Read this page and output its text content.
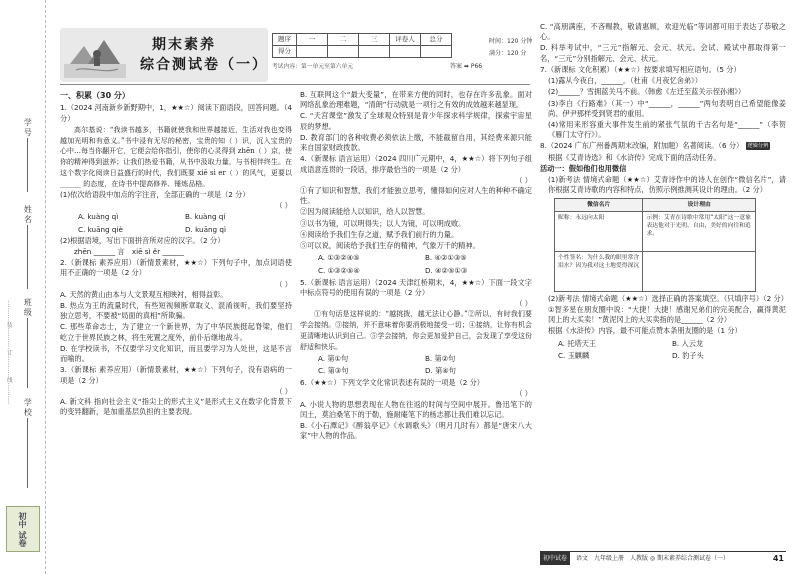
学号
姓名
班级
学校
…………装…………订…………线…………
初中 试卷
期末素养
综合测试卷（一）
题序	一	二	三	评卷人	总分
得分					
时间：120 分钟
满分：120 分
考试内容：第一单元至第六单元	答案 ➡ P66
一、积累（30 分）
1.（2024 河南新乡新野期中，1，★★☆）阅读下面语段，回答问题。（4 分）
高尔基说：“我读书越多，书籍就使我和世界越接近，生活对我也变得越加光明和有意义。”书中浸有无尽的秘密，宝贵的知（ ）识，沉入宝贵的心中…每当你翻开它，它便会给你指引，使你的心灵得到 zhēn（ ）京，使你的精神得到滋养；让我们热爱书籍，从书中汲取力量，与书相伴终生。在这个数字化阅读日益盛行的时代，我们既要 xiē sì er（ ）的风气，更要以 ______ 的态度，在诗书中提高修养、锤炼品格。
(1)依次给语段中加点的字注音，全部正确的一项是（2 分）
（ ）
A. kuàng qì	B. kuàng qí
C. kuāng qiè	D. kuāng qì
(2)根据语境，写出下面拼音所对应的汉字。（2 分）
zhēn ______ 言　xiē sì ěr ______
2.（新课标 素养应用）（新情景素材，★★☆）下列句子中，加点词语使用不正确的一项是（2 分）
（ ）
A. 天然的黄山由本与人文景观互相映衬，相得益彰。
B. 热点为王的流量时代，有些短视频断章取义、混淆视听，我们要坚持独立思考，不要被“局面的真相”所欺骗。
C. 那些革命志士，为了建立一个新世界，为了中华民族挺起脊梁，他们屹立于世界民族之林，将生死置之度外，前仆后继地战斗。
D. 在学校读书，不仅要学习文化知识，而且要学习为人处世，这是不言而喻的。
3.（新课标 素养应用）（新情景素材，★★☆）下列句子，没有语病的一项是（2 分）
（ ）
A. 新文科 指向社会主义“指尖上的形式主义”是形式主义在数字化背景下的变异翻新，是加重基层负担的主要表现。
B. 互联网这个“最大变量”，在带来方便的同时，也存在许多乱象。面对网络乱象治理难题，“清朗”行动就是一项行之有效的成效越来越显现。
C. “天宫课堂”激发了全球观众特别是青少年探求科学规律，探索宇宙星辰的梦想。
D. 教育部门的各种收费必须依法上缴，不能截留自用，其经费来源只能来自国家财政拨款。
4.（新课标 语言运用）（2024 四川广元期中，4，★★☆）将下列句子组成语意连贯的一段话，排序最恰当的一项是（2 分）
（ ）
①有了知识和智慧，我们才能独立思考，懂得如何应对人生的种种不确定性。
②因为阅读能给人以知识，给人以智慧。
③以书为镜，可以明得失；以人为镜，可以明成败。
④阅读给予我们生存之道，赋予我们前行的力量。
⑤可以说，阅读给予我们生存的精神，气象万千的精神。
A. ①③②④⑤	B. ④②①③⑤
C. ①③②⑤④	D. ④②⑤①③
5.（新课标 语言运用）（2024 天津红桥期末，4，★★☆）下面一段文字中标点符号的使用有误的一项是（2 分）
（ ）
①有句话是这样说的：“越挑拨，越无法让心静。”②所以，有时我们要学会接纳。③接纳，并不意味着你要消极地接受一切；④接纳，让你有机会更清晰地认识到自己。⑤学会接纳，你会更加爱护自己，会发现了享受这份舒适和快乐。
A. 第①句	B. 第②句
C. 第③句	D. 第④句
6.（★★☆）下列文学文化常识表述有误的一项是（2 分）
（ ）
A. 小说人物的思想表现在人物在往返的时间与空间中展开。鲁迅笔下的闰土，莫泊桑笔下的于勒，施耐庵笔下的杨志都让我们难以忘记。
B.《小石潭记》《醉翁亭记》《水调歌头》（明月几时有）都是“唐宋八大家”中人物的作品。
C. “高朋满座，不吝赐教，敬请惠顾，欢迎光临”等词都可用于表达了恭敬之心。
D. 科举考试中，“三元”指解元、会元、状元。会试、殿试中都取得第一名，“三元”分别指解元、会元、状元。
7.（新课标 文化积累）（★★☆）按要求填写相应语句。（5 分）
(1)露从今夜白，______。（杜甫《月夜忆舍弟》）
(2)______？雪拥蓝关马不前。（韩愈《左迁至蓝关示侄孙湘》）
(3)李白《行路难》（其一）中“______，______”两句表明自己希望能像姜尚、伊尹那样受到贤君的重用。
(4)常用来形容重大事件发生前的紧张气氛的千古名句是“______”（李贺《雁门太守行》）。
8.（2024 广东广州番禺期末改编，附加题）名著阅读。（6 分） 逻辑分辨
根据《艾青诗选》和《水浒传》完成下面的活动任务。
活动一：假如他们也用微信
(1)新考法 情境式命题（★★☆）艾青诗作中的诗人在创作“微信名片”，请你根据艾青诗歌的内容和特点，仿照示例推测其设计的理由。（2 分）
微信名片	设计理由
昵称：永远向太阳	示例：艾青在诗歌中常用“太阳”这一意象表达他对于光明、自由、美好的向往和追求。
个性签名：为什么我的眼里常含泪水？因为我对这土地爱得深沉	
(2)新考法 情境式命题（★★☆）选择正确的答案填空。（只填序号）（2 分）
①智多星在朋友圈中说：“大捷！大捷！感谢兄弟们的完美配合，赢得黄泥冈上的大买卖！”黄泥冈上的大买卖指的是______（2 分）
根据《水浒传》内容，最不可能点赞本条朋友圈的是（1 分）
A. 托塔天王	B. 入云龙
C. 玉麒麟	D. 豹子头
初中试卷 语文　九年级上册　人教版 ◎ 期末素养综合测试卷（一）	41
